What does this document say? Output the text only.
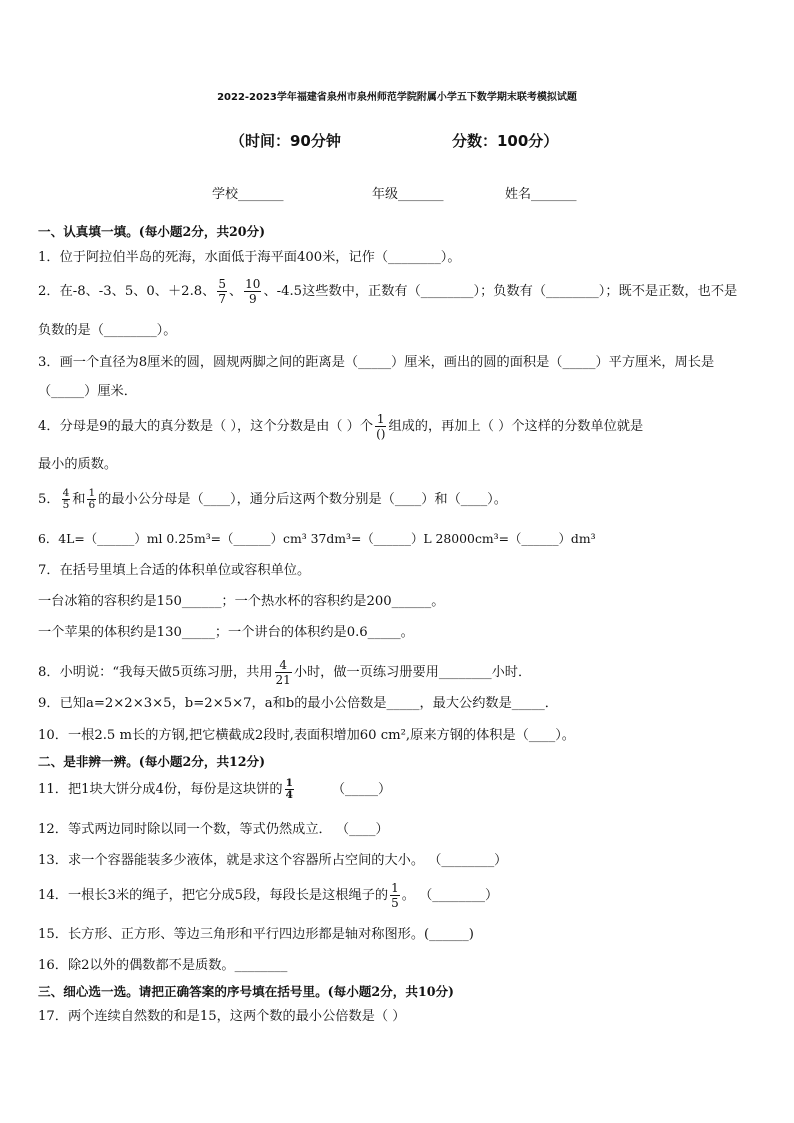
2022-2023学年福建省泉州市泉州师范学院附属小学五下数学期末联考模拟试题
（时间：90分钟	分数：100分）
学校_______	年级_______	姓名_______
一、认真填一填。(每小题2分，共20分)
1．位于阿拉伯半岛的死海，水面低于海平面400米，记作（________）。
2．在-8、-3、5、0、＋2.8、 $\frac{5}{7}$ 、 $\frac{10}{9}$ 、-4.5这些数中，正数有（________）；负数有（________）；既不是正数，也不是
负数的是（________）。
3．画一个直径为8厘米的圆，圆规两脚之间的距离是（_____）厘米，画出的圆的面积是（_____）平方厘米，周长是
（_____）厘米．
4．分母是9的最大的真分数是（ ），这个分数是由（ ）个 $\frac{1}{()}$ 组成的，再加上（ ）个这样的分数单位就是
最小的质数。
5． $\frac{4}{5}$ 和 $\frac{1}{6}$ 的最小公分母是（____），通分后这两个数分别是（____）和（____）。
6．4L=（______）ml 0.25m³=（______）cm³ 37dm³=（______）L 28000cm³=（______）dm³
7．在括号里填上合适的体积单位或容积单位。
一台冰箱的容积约是150______；一个热水杯的容积约是200______。
一个苹果的体积约是130_____；一个讲台的体积约是0.6_____。
8．小明说：“我每天做5页练习册，共用 $\frac{4}{21}$ 小时，做一页练习册要用________小时．
9．已知a=2×2×3×5，b=2×5×7，a和b的最小公倍数是_____，最大公约数是_____．
10．一根2.5 m长的方钢,把它横截成2段时,表面积增加60 cm²,原来方钢的体积是（____）。
二、是非辨一辨。(每小题2分，共12分)
11．把1块大饼分成4份，每份是这块饼的 $\frac{1}{4}$	（_____）
12．等式两边同时除以同一个数，等式仍然成立． （____）
13．求一个容器能装多少液体，就是求这个容器所占空间的大小。 （________）
14．一根长3米的绳子，把它分成5段，每段长是这根绳子的 $\frac{1}{5}$ 。 （________）
15．长方形、正方形、等边三角形和平行四边形都是轴对称图形。(______)
16．除2以外的偶数都不是质数。________
三、细心选一选。请把正确答案的序号填在括号里。(每小题2分，共10分)
17．两个连续自然数的和是15，这两个数的最小公倍数是（ ）
